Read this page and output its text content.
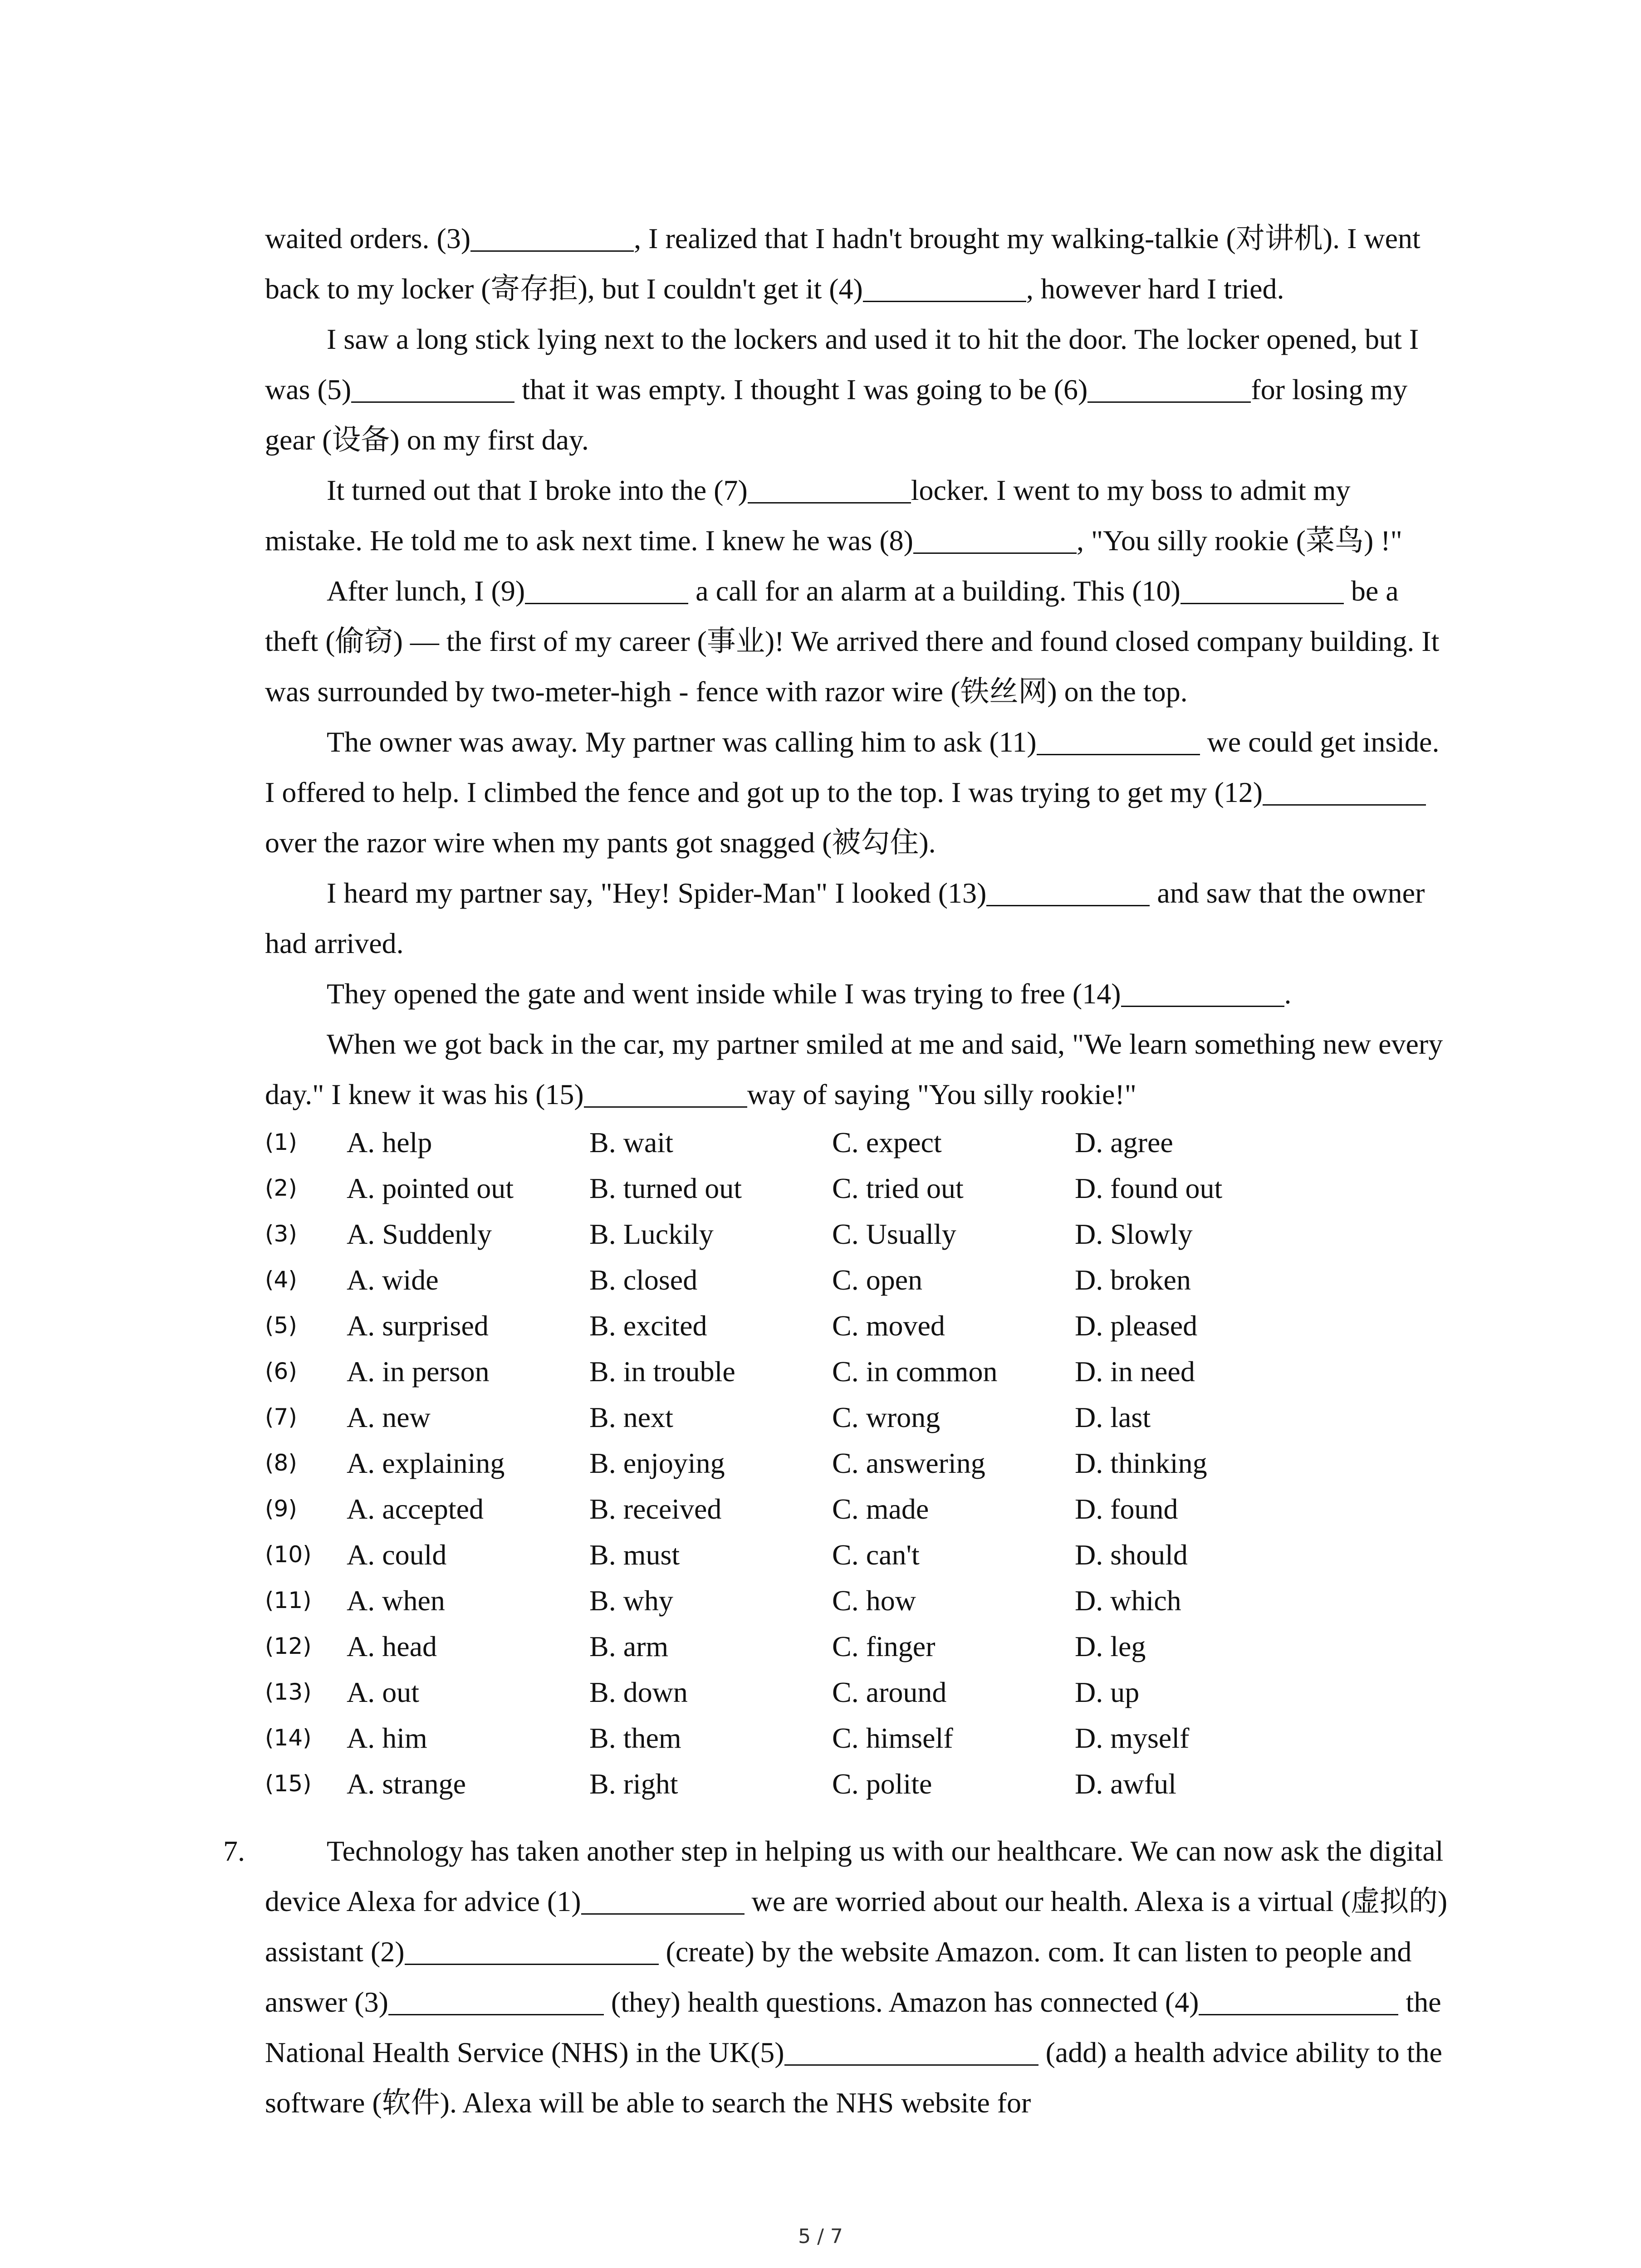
waited orders. (3)	, I realized that I hadn't brought my walking-talkie (对讲机). I went back to my locker (寄存拒), but I couldn't get it (4)	, however hard I tried.

I saw a long stick lying next to the lockers and used it to hit the door. The locker opened, but I was (5)	that it was empty. I thought I was going to be (6)	for losing my gear (设备) on my first day.

It turned out that I broke into the (7)	locker. I went to my boss to admit my mistake. He told me to ask next time. I knew he was (8)	, "You silly rookie (菜鸟) !"

After lunch, I (9)	a call for an alarm at a building. This (10)	be a theft (偷窃) — the first of my career (事业)! We arrived there and found closed company building. It was surrounded by two-meter-high - fence with razor wire (铁丝网) on the top.

The owner was away. My partner was calling him to ask (11)	we could get inside. I offered to help. I climbed the fence and got up to the top. I was trying to get my (12) over the razor wire when my pants got snagged (被勾住).

I heard my partner say, "Hey! Spider-Man" I looked (13)	and saw that the owner had arrived.

They opened the gate and went inside while I was trying to free (14)	.

When we got back in the car, my partner smiled at me and said, "We learn something new every day." I knew it was his (15)	way of saying "You silly rookie!"

(1)	A. help	B. wait	C. expect	D. agree
(2)	A. pointed out	B. turned out	C. tried out	D. found out
(3)	A. Suddenly	B. Luckily	C. Usually	D. Slowly
(4)	A. wide	B. closed	C. open	D. broken
(5)	A. surprised	B. excited	C. moved	D. pleased
(6)	A. in person	B. in trouble	C. in common	D. in need
(7)	A. new	B. next	C. wrong	D. last
(8)	A. explaining	B. enjoying	C. answering	D. thinking
(9)	A. accepted	B. received	C. made	D. found
(10)	A. could	B. must	C. can't	D. should
(11)	A. when	B. why	C. how	D. which
(12)	A. head	B. arm	C. finger	D. leg
(13)	A. out	B. down	C. around	D. up
(14)	A. him	B. them	C. himself	D. myself
(15)	A. strange	B. right	C. polite	D. awful
7.	Technology has taken another step in helping us with our healthcare. We can now ask the digital device Alexa for advice (1)	we are worried about our health. Alexa is a virtual (虚拟的) assistant (2)	(create) by the website Amazon. com. It can listen to people and answer (3)	(they) health questions. Amazon has connected (4)	the National Health Service (NHS) in the UK(5)	(add) a health advice ability to the software (软件). Alexa will be able to search the NHS website for

5 / 7
